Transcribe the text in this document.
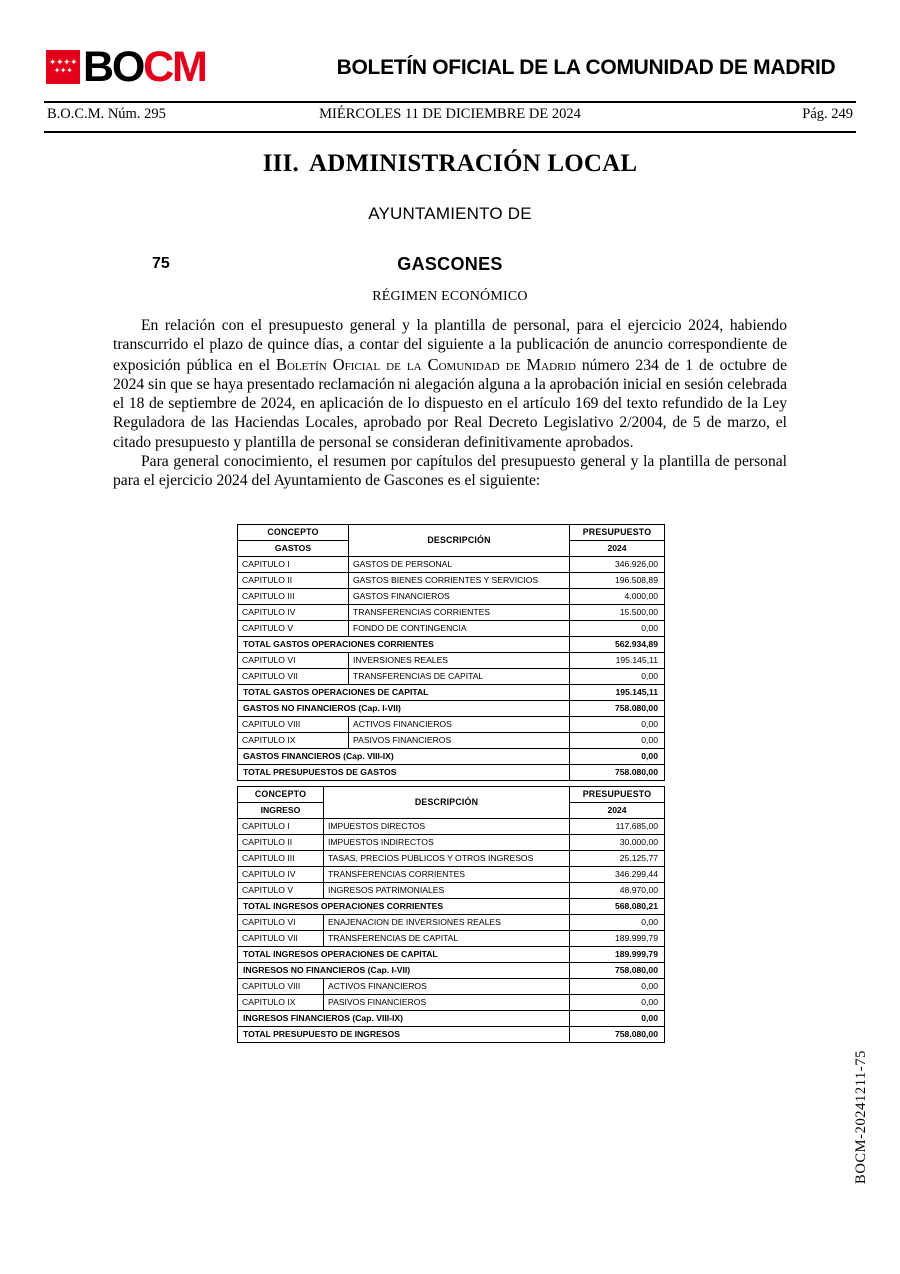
✦ ✦ ✦ ✦
✦ ✦ ✦ BOCM	BOLETÍN OFICIAL DE LA COMUNIDAD DE MADRID
B.O.C.M. Núm. 295	MIÉRCOLES 11 DE DICIEMBRE DE 2024	Pág. 249
III. ADMINISTRACIÓN LOCAL
AYUNTAMIENTO DE
75	GASCONES
RÉGIMEN ECONÓMICO

En relación con el presupuesto general y la plantilla de personal, para el ejercicio 2024, habiendo transcurrido el plazo de quince días, a contar del siguiente a la publicación de anuncio correspondiente de exposición pública en el Boletín Oficial de la Comunidad de Madrid número 234 de 1 de octubre de 2024 sin que se haya presentado reclamación ni alegación alguna a la aprobación inicial en sesión celebrada el 18 de septiembre de 2024, en aplicación de lo dispuesto en el artículo 169 del texto refundido de la Ley Reguladora de las Haciendas Locales, aprobado por Real Decreto Legislativo 2/2004, de 5 de marzo, el citado presupuesto y plantilla de personal se consideran definitivamente aprobados.

Para general conocimiento, el resumen por capítulos del presupuesto general y la plantilla de personal para el ejercicio 2024 del Ayuntamiento de Gascones es el siguiente:

CONCEPTO	DESCRIPCIÓN	PRESUPUESTO
GASTOS		2024
CAPITULO I	GASTOS DE PERSONAL	346.926,00
CAPITULO II	GASTOS BIENES CORRIENTES Y SERVICIOS	196.508,89
CAPITULO III	GASTOS FINANCIEROS	4.000,00
CAPITULO IV	TRANSFERENCIAS CORRIENTES	15.500,00
CAPITULO V	FONDO DE CONTINGENCIA	0,00
TOTAL GASTOS OPERACIONES CORRIENTES		562.934,89
CAPITULO VI	INVERSIONES REALES	195.145,11
CAPITULO VII	TRANSFERENCIAS DE CAPITAL	0,00
TOTAL GASTOS OPERACIONES DE CAPITAL		195.145,11
GASTOS NO FINANCIEROS (Cap. I-VII)		758.080,00
CAPITULO VIII	ACTIVOS FINANCIEROS	0,00
CAPITULO IX	PASIVOS FINANCIEROS	0,00
GASTOS FINANCIEROS (Cap. VIII-IX)		0,00
TOTAL PRESUPUESTOS DE GASTOS		758.080,00
CONCEPTO	DESCRIPCIÓN	PRESUPUESTO
INGRESO		2024
CAPITULO I	IMPUESTOS DIRECTOS	117.685,00
CAPITULO II	IMPUESTOS INDIRECTOS	30.000,00
CAPITULO III	TASAS, PRECIOS PUBLICOS Y OTROS INGRESOS	25.125,77
CAPITULO IV	TRANSFERENCIAS CORRIENTES	346.299,44
CAPITULO V	INGRESOS PATRIMONIALES	48.970,00
TOTAL INGRESOS OPERACIONES CORRIENTES		568.080,21
CAPITULO VI	ENAJENACION DE INVERSIONES REALES	0,00
CAPITULO VII	TRANSFERENCIAS DE CAPITAL	189.999,79
TOTAL INGRESOS OPERACIONES DE CAPITAL		189.999,79
INGRESOS NO FINANCIEROS (Cap. I-VII)		758.080,00
CAPITULO VIII	ACTIVOS FINANCIEROS	0,00
CAPITULO IX	PASIVOS FINANCIEROS	0,00
INGRESOS FINANCIEROS (Cap. VIII-IX)		0,00
TOTAL PRESUPUESTO DE INGRESOS		758.080,00
BOCM-20241211-75
